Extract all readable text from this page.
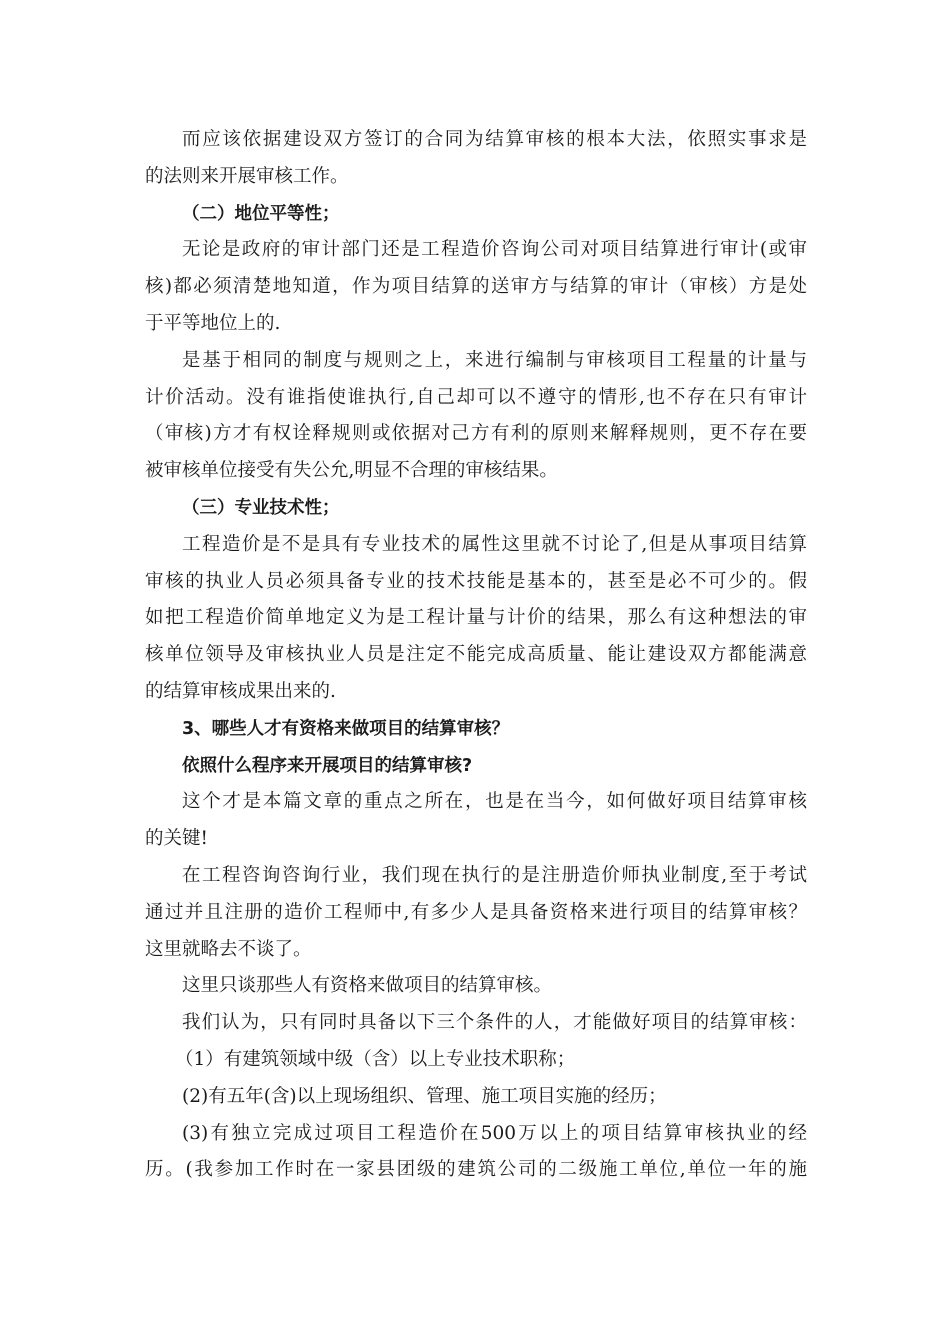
而应该依据建设双方签订的合同为结算审核的根本大法，依照实事求是
的法则来开展审核工作。
（二）地位平等性；
无论是政府的审计部门还是工程造价咨询公司对项目结算进行审计(或审
核)都必须清楚地知道，作为项目结算的送审方与结算的审计（审核）方是处
于平等地位上的.
是基于相同的制度与规则之上，来进行编制与审核项目工程量的计量与
计价活动。没有谁指使谁执行,自己却可以不遵守的情形,也不存在只有审计
（审核)方才有权诠释规则或依据对己方有利的原则来解释规则，更不存在要
被审核单位接受有失公允,明显不合理的审核结果。
（三）专业技术性；
工程造价是不是具有专业技术的属性这里就不讨论了,但是从事项目结算
审核的执业人员必须具备专业的技术技能是基本的，甚至是必不可少的。假
如把工程造价简单地定义为是工程计量与计价的结果，那么有这种想法的审
核单位领导及审核执业人员是注定不能完成高质量、能让建设双方都能满意
的结算审核成果出来的.
3、哪些人才有资格来做项目的结算审核？
依照什么程序来开展项目的结算审核?
这个才是本篇文章的重点之所在，也是在当今，如何做好项目结算审核
的关键!
在工程咨询咨询行业，我们现在执行的是注册造价师执业制度,至于考试
通过并且注册的造价工程师中,有多少人是具备资格来进行项目的结算审核？
这里就略去不谈了。
这里只谈那些人有资格来做项目的结算审核。
我们认为，只有同时具备以下三个条件的人，才能做好项目的结算审核：
（1）有建筑领域中级（含）以上专业技术职称；
(2)有五年(含)以上现场组织、管理、施工项目实施的经历；
(3)有独立完成过项目工程造价在500万以上的项目结算审核执业的经
历。(我参加工作时在一家县团级的建筑公司的二级施工单位,单位一年的施
